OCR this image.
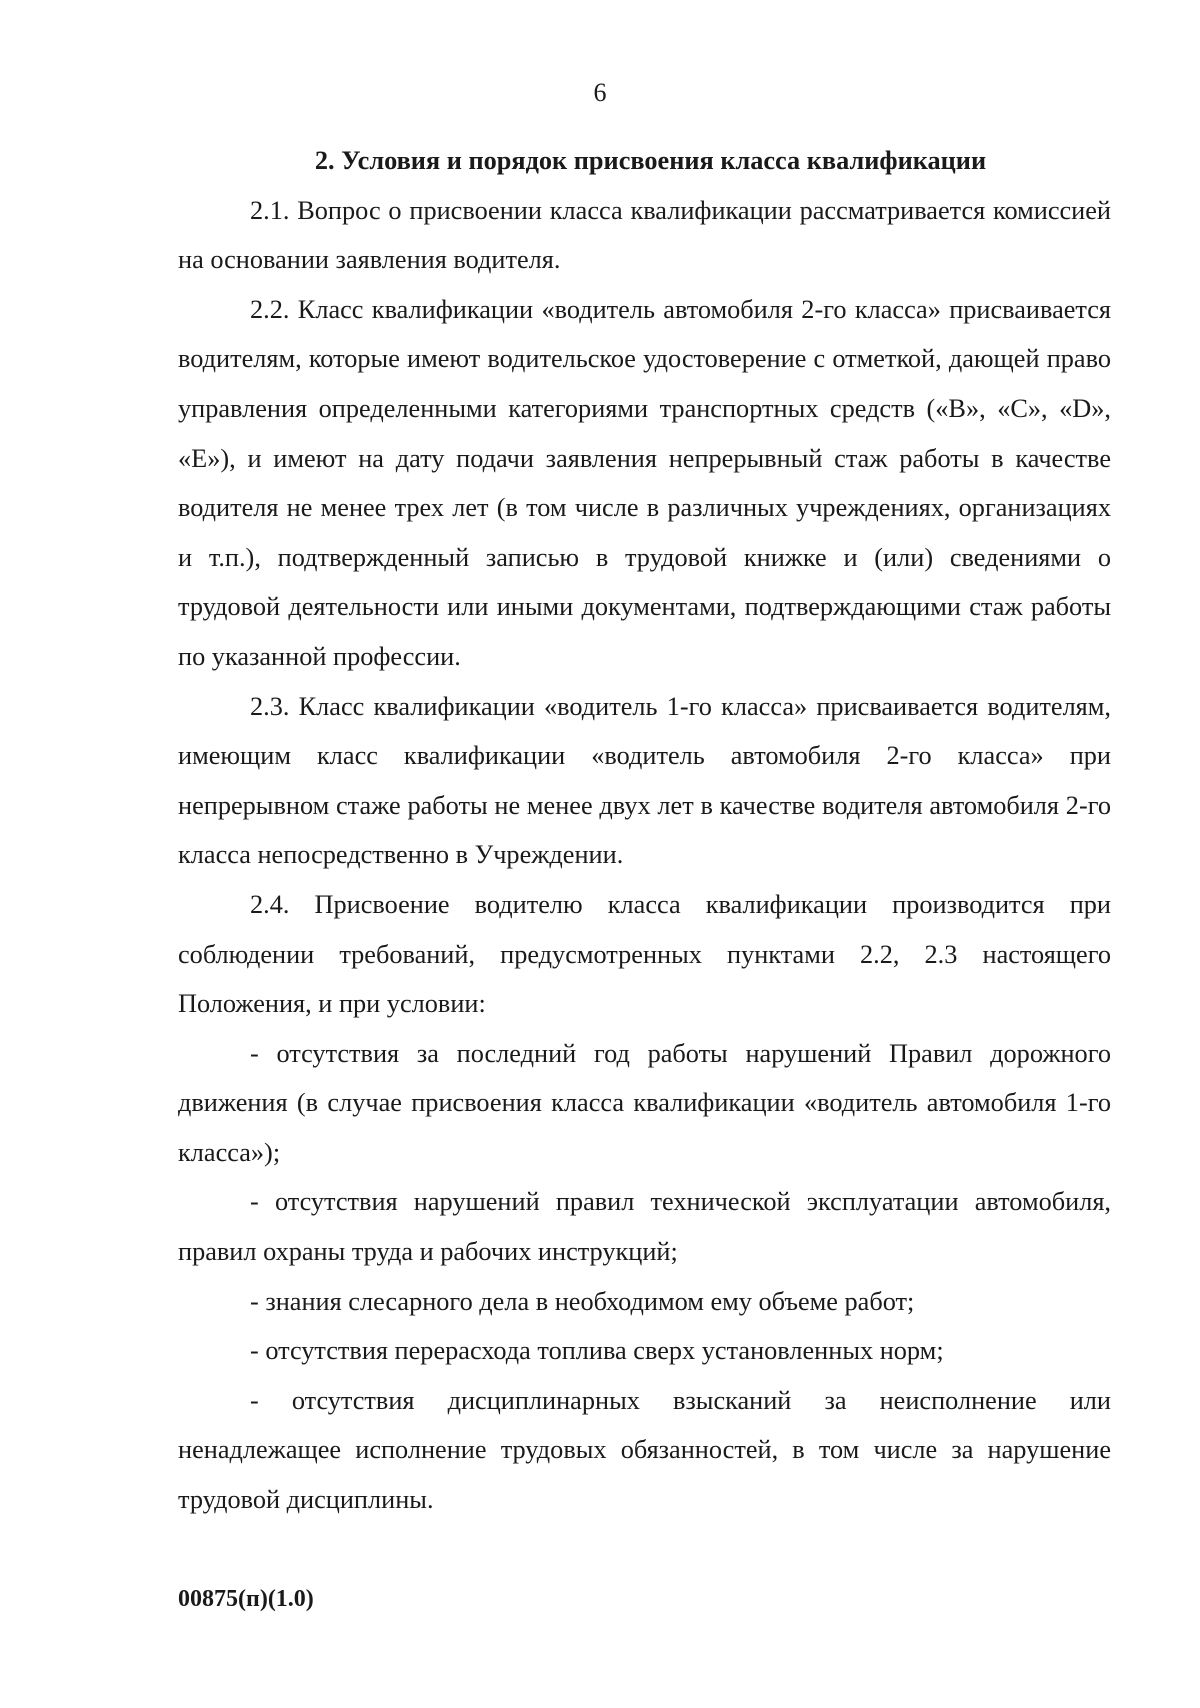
6

2. Условия и порядок присвоения класса квалификации

2.1. Вопрос о присвоении класса квалификации рассматривается комиссией на основании заявления водителя.

2.2. Класс квалификации «водитель автомобиля 2-го класса» присваивается водителям, которые имеют водительское удостоверение с отметкой, дающей право управления определенными категориями транспортных средств («B», «C», «D», «E»), и имеют на дату подачи заявления непрерывный стаж работы в качестве водителя не менее трех лет (в том числе в различных учреждениях, организациях и т.п.), подтвержденный записью в трудовой книжке и (или) сведениями о трудовой деятельности или иными документами, подтверждающими стаж работы по указанной профессии.

2.3. Класс квалификации «водитель 1-го класса» присваивается водителям, имеющим класс квалификации «водитель автомобиля 2-го класса» при непрерывном стаже работы не менее двух лет в качестве водителя автомобиля 2-го класса непосредственно в Учреждении.

2.4. Присвоение водителю класса квалификации производится при соблюдении требований, предусмотренных пунктами 2.2, 2.3 настоящего Положения, и при условии:

- отсутствия за последний год работы нарушений Правил дорожного движения (в случае присвоения класса квалификации «водитель автомобиля 1-го класса»);

- отсутствия нарушений правил технической эксплуатации автомобиля, правил охраны труда и рабочих инструкций;

- знания слесарного дела в необходимом ему объеме работ;

- отсутствия перерасхода топлива сверх установленных норм;

- отсутствия дисциплинарных взысканий за неисполнение или ненадлежащее исполнение трудовых обязанностей, в том числе за нарушение трудовой дисциплины.

00875(п)(1.0)
